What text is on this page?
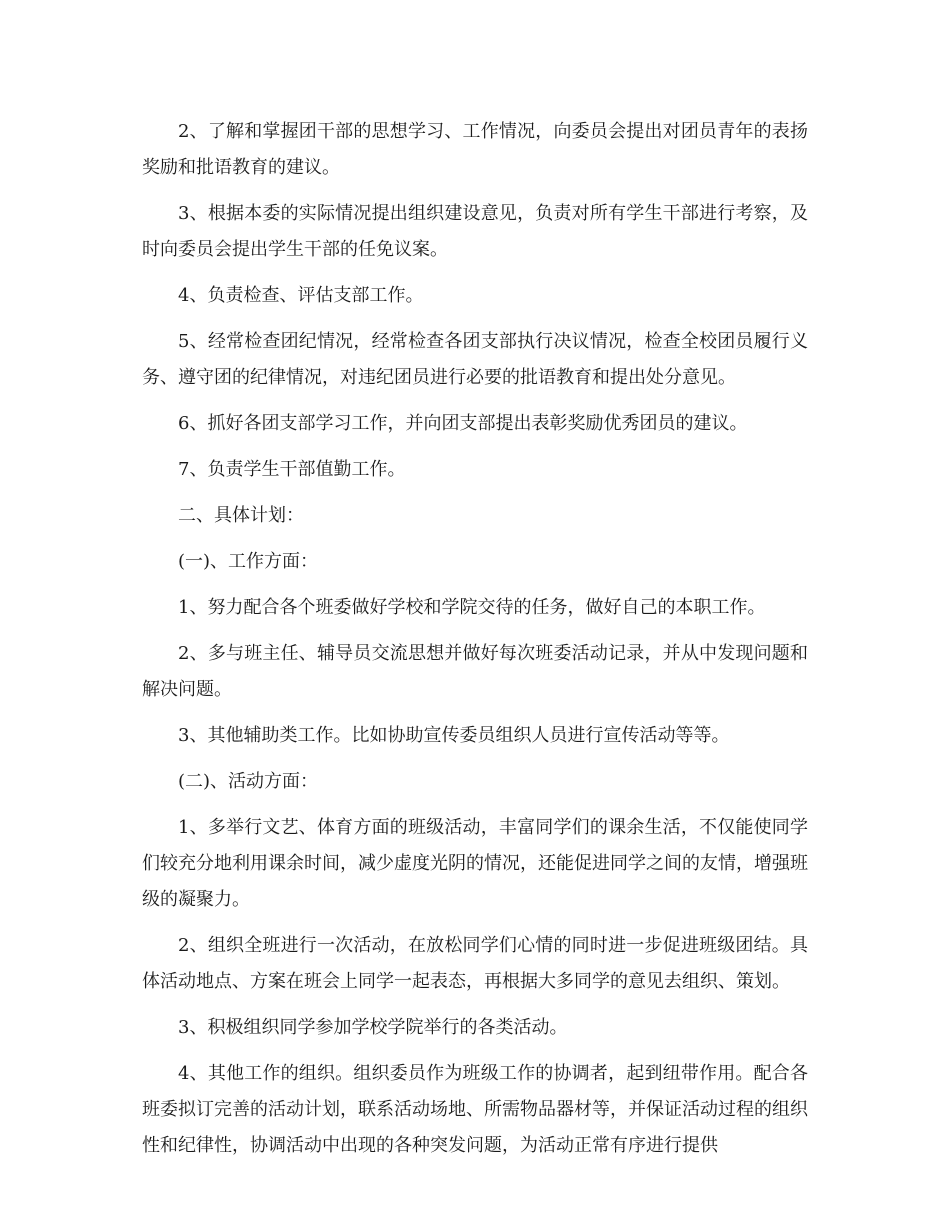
2、了解和掌握团干部的思想学习、工作情况，向委员会提出对团员青年的表扬奖励和批语教育的建议。

3、根据本委的实际情况提出组织建设意见，负责对所有学生干部进行考察，及时向委员会提出学生干部的任免议案。

4、负责检查、评估支部工作。

5、经常检查团纪情况，经常检查各团支部执行决议情况，检查全校团员履行义务、遵守团的纪律情况，对违纪团员进行必要的批语教育和提出处分意见。

6、抓好各团支部学习工作，并向团支部提出表彰奖励优秀团员的建议。

7、负责学生干部值勤工作。

二、具体计划：

(一)、工作方面：

1、努力配合各个班委做好学校和学院交待的任务，做好自己的本职工作。

2、多与班主任、辅导员交流思想并做好每次班委活动记录，并从中发现问题和解决问题。

3、其他辅助类工作。比如协助宣传委员组织人员进行宣传活动等等。

(二)、活动方面：

1、多举行文艺、体育方面的班级活动，丰富同学们的课余生活，不仅能使同学们较充分地利用课余时间，减少虚度光阴的情况，还能促进同学之间的友情，增强班级的凝聚力。

2、组织全班进行一次活动，在放松同学们心情的同时进一步促进班级团结。具体活动地点、方案在班会上同学一起表态，再根据大多同学的意见去组织、策划。

3、积极组织同学参加学校学院举行的各类活动。

4、其他工作的组织。组织委员作为班级工作的协调者，起到纽带作用。配合各班委拟订完善的活动计划，联系活动场地、所需物品器材等，并保证活动过程的组织性和纪律性，协调活动中出现的各种突发问题，为活动正常有序进行提供
